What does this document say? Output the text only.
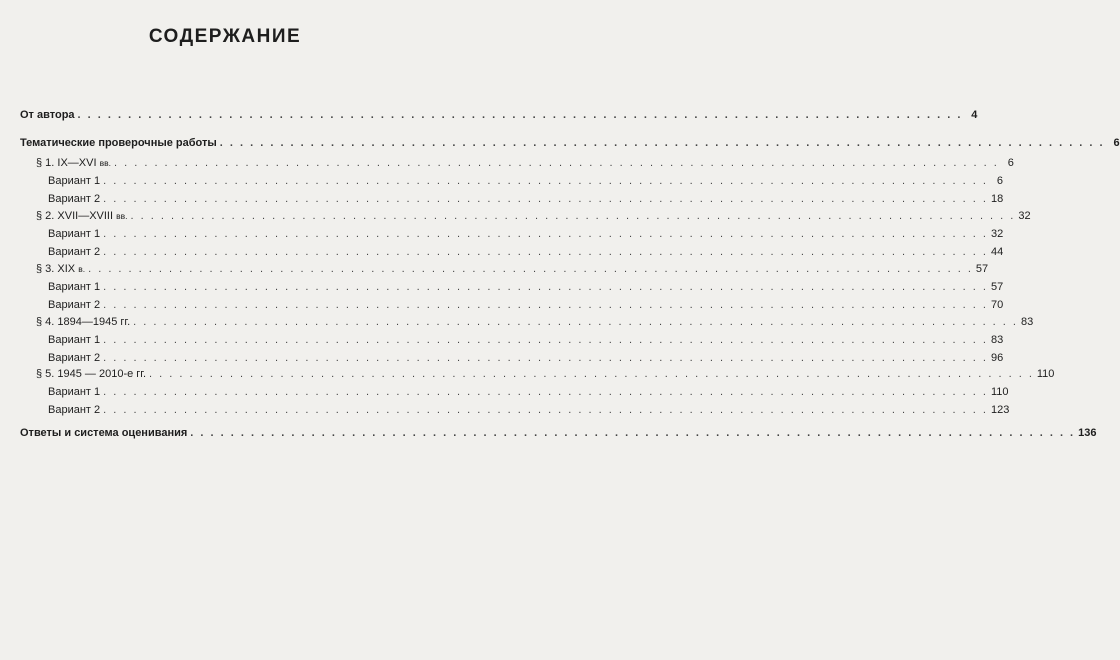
СОДЕРЖАНИЕ
От автора . . . . . . . . . . . . . . . . . . . . . . . . . . . . . . . . . . . . . . . . . . . . . . . . . . . . . . . . . . . . . . . . . . . . . . . . . . . . . . . . . . . . . . . . 4
Тематические проверочные работы . . . . . . . . . . . . . . . . . . . . . . . . . . . . . . . . . . . . . . . . . . . . . . . . . . . . . . . . . . . . . . . . . . . . . . . . . . . . . . . . . . . . . . . . 6
§ 1. IX—XVI вв. . . . . . . . . . . . . . . . . . . . . . . . . . . . . . . . . . . . . . . . . . . . . . . . . . . . . . . . . . . . . . . . . . . . . . . . . . . . . . . . . . . . . . . . . 6
Вариант 1 . . . . . . . . . . . . . . . . . . . . . . . . . . . . . . . . . . . . . . . . . . . . . . . . . . . . . . . . . . . . . . . . . . . . . . . . . . . . . . . . . . . . . . . . 6
Вариант 2 . . . . . . . . . . . . . . . . . . . . . . . . . . . . . . . . . . . . . . . . . . . . . . . . . . . . . . . . . . . . . . . . . . . . . . . . . . . . . . . . . . . . . . . . 18
§ 2. XVII—XVIII вв. . . . . . . . . . . . . . . . . . . . . . . . . . . . . . . . . . . . . . . . . . . . . . . . . . . . . . . . . . . . . . . . . . . . . . . . . . . . . . . . . . . . . . . . . 32
Вариант 1 . . . . . . . . . . . . . . . . . . . . . . . . . . . . . . . . . . . . . . . . . . . . . . . . . . . . . . . . . . . . . . . . . . . . . . . . . . . . . . . . . . . . . . . . 32
Вариант 2 . . . . . . . . . . . . . . . . . . . . . . . . . . . . . . . . . . . . . . . . . . . . . . . . . . . . . . . . . . . . . . . . . . . . . . . . . . . . . . . . . . . . . . . . 44
§ 3. XIX в. . . . . . . . . . . . . . . . . . . . . . . . . . . . . . . . . . . . . . . . . . . . . . . . . . . . . . . . . . . . . . . . . . . . . . . . . . . . . . . . . . . . . . . . . 57
Вариант 1 . . . . . . . . . . . . . . . . . . . . . . . . . . . . . . . . . . . . . . . . . . . . . . . . . . . . . . . . . . . . . . . . . . . . . . . . . . . . . . . . . . . . . . . . 57
Вариант 2 . . . . . . . . . . . . . . . . . . . . . . . . . . . . . . . . . . . . . . . . . . . . . . . . . . . . . . . . . . . . . . . . . . . . . . . . . . . . . . . . . . . . . . . . 70
§ 4. 1894—1945 гг. . . . . . . . . . . . . . . . . . . . . . . . . . . . . . . . . . . . . . . . . . . . . . . . . . . . . . . . . . . . . . . . . . . . . . . . . . . . . . . . . . . . . . . . . 83
Вариант 1 . . . . . . . . . . . . . . . . . . . . . . . . . . . . . . . . . . . . . . . . . . . . . . . . . . . . . . . . . . . . . . . . . . . . . . . . . . . . . . . . . . . . . . . . 83
Вариант 2 . . . . . . . . . . . . . . . . . . . . . . . . . . . . . . . . . . . . . . . . . . . . . . . . . . . . . . . . . . . . . . . . . . . . . . . . . . . . . . . . . . . . . . . . 96
§ 5. 1945 — 2010-е гг. . . . . . . . . . . . . . . . . . . . . . . . . . . . . . . . . . . . . . . . . . . . . . . . . . . . . . . . . . . . . . . . . . . . . . . . . . . . . . . . . . . . . . . . . 110
Вариант 1 . . . . . . . . . . . . . . . . . . . . . . . . . . . . . . . . . . . . . . . . . . . . . . . . . . . . . . . . . . . . . . . . . . . . . . . . . . . . . . . . . . . . . . . . 110
Вариант 2 . . . . . . . . . . . . . . . . . . . . . . . . . . . . . . . . . . . . . . . . . . . . . . . . . . . . . . . . . . . . . . . . . . . . . . . . . . . . . . . . . . . . . . . . 123
Ответы и система оценивания . . . . . . . . . . . . . . . . . . . . . . . . . . . . . . . . . . . . . . . . . . . . . . . . . . . . . . . . . . . . . . . . . . . . . . . . . . . . . . . . . . . . . . . . 136
